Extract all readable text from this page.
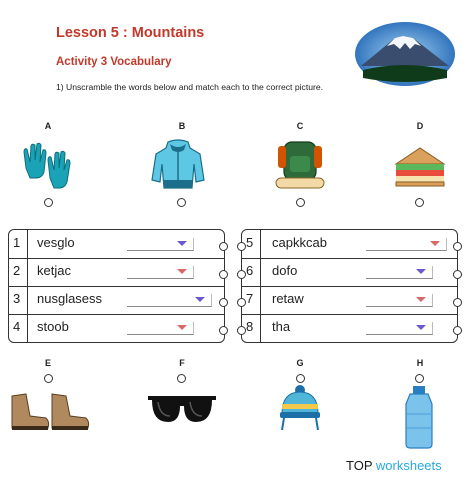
Lesson 5 : Mountains
Activity 3 Vocabulary
1) Unscramble the words below and match each to the correct picture.
A	B	C	D
1 vesglo
2 ketjac
3 nusglasess
4 stoob
5 capkkcab
6 dofo
7 retaw
8 tha
E	F	G	H
TOP worksheets
